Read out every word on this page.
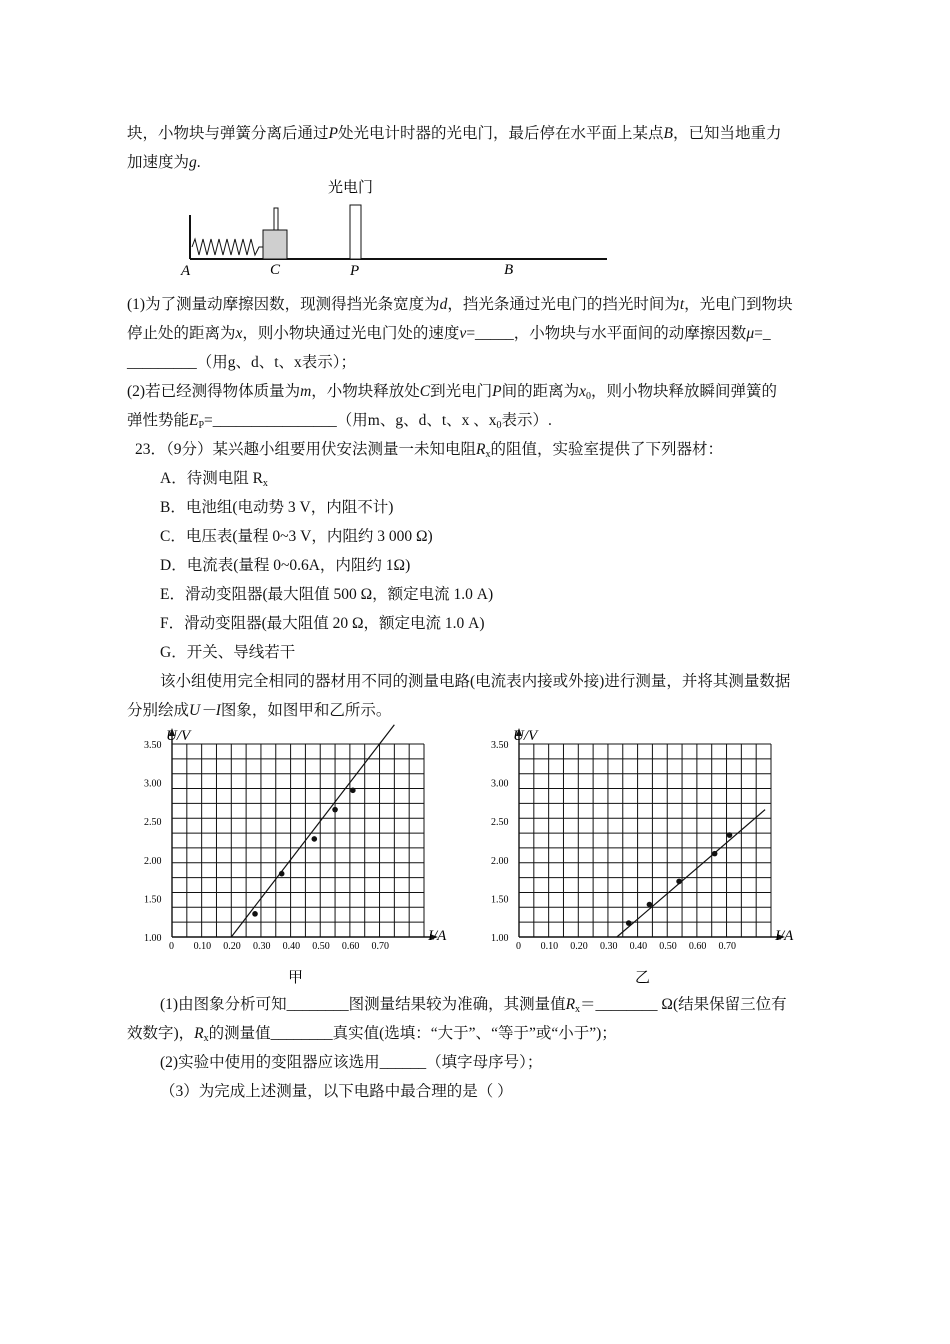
块，小物块与弹簧分离后通过P处光电计时器的光电门，最后停在水平面上某点B，已知当地重力
加速度为g.
光电门
A	C	P	B
(1)为了测量动摩擦因数，现测得挡光条宽度为d，挡光条通过光电门的挡光时间为t，光电门到物块
停止处的距离为x，则小物块通过光电门处的速度v=_____，小物块与水平面间的动摩擦因数μ=_
_________（用g、d、t、x表示）；
(2)若已经测得物体质量为m，小物块释放处C到光电门P间的距离为$x_0$，则小物块释放瞬间弹簧的
弹性势能$E_P=\_\_\_\_\_\_\_\_\_\_\_\_\_\_\_\_$（用m、g、d、t、x 、$x_0$表示）.
23．（9分）某兴趣小组要用伏安法测量一未知电阻$R_x$的阻值，实验室提供了下列器材：
A．待测电阻 $R_x$
B．电池组(电动势 3 V，内阻不计)
C．电压表(量程 0~3 V，内阻约 3 000 Ω)
D．电流表(量程 0~0.6A，内阻约 1Ω)
E．滑动变阻器(最大阻值 500 Ω，额定电流 1.0 A)
F．滑动变阻器(最大阻值 20 Ω，额定电流 1.0 A)
G．开关、导线若干
该小组使用完全相同的器材用不同的测量电路(电流表内接或外接)进行测量，并将其测量数据
分别绘成U－I图象，如图甲和乙所示。
U/V
I/A
0 0.10 0.20 0.30 0.40 0.50 0.60 0.70
1.00
1.50
2.00
2.50
3.00
3.50
甲
U/V
I/A
0 0.10 0.20 0.30 0.40 0.50 0.60 0.70
1.00
1.50
2.00
2.50
3.00
3.50
乙
(1)由图象分析可知________图测量结果较为准确，其测量值$R_x=\_\_\_\_\_\_\_\_$ Ω(结果保留三位有
效数字)，$R_x$的测量值________真实值(选填：“大于”、“等于”或“小于”)；
(2)实验中使用的变阻器应该选用______（填字母序号）；
（3）为完成上述测量，以下电路中最合理的是（ ）
